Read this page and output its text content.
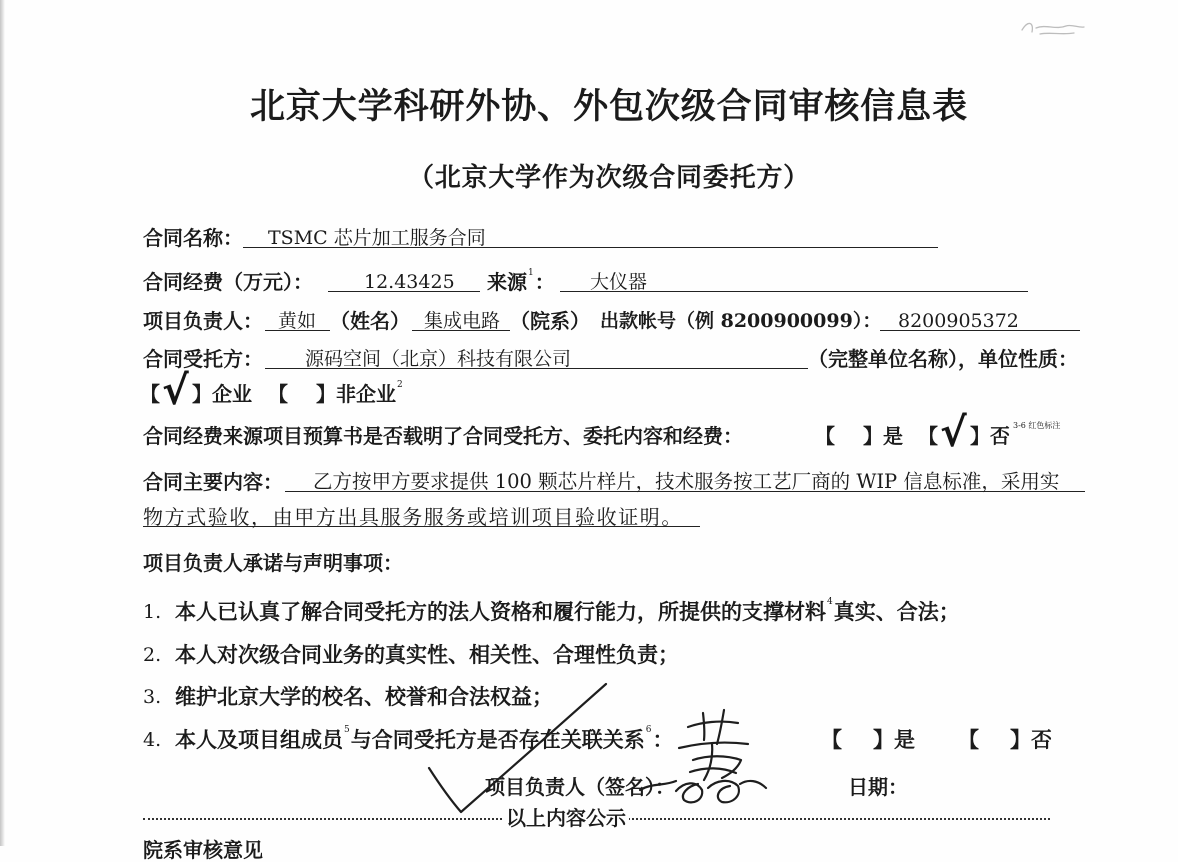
北京大学科研外协、外包次级合同审核信息表
（北京大学作为次级合同委托方）
合同名称：	TSMC 芯片加工服务合同
合同经费（万元）：	12.43425	来源$^1$：	大仪器
项目负责人： 黄如 （姓名） 集成电路 （院系） 出款帐号（例 8200900099）： 8200905372
合同受托方：	源码空间（北京）科技有限公司	（完整单位名称），单位性质：
【 √ 】企业 【 】非企业$^2$
合同经费来源项目预算书是否载明了合同受托方、委托内容和经费：	【 】是 【 √ 】否 $^{3-6 红色标注}$
合同主要内容：	乙方按甲方要求提供 100 颗芯片样片，技术服务按工艺厂商的 WIP 信息标准，采用实
物方式验收，由甲方出具服务服务或培训项目验收证明。
项目负责人承诺与声明事项：
1. 本人已认真了解合同受托方的法人资格和履行能力，所提供的支撑材料$^4$真实、合法；
2. 本人对次级合同业务的真实性、相关性、合理性负责；
3. 维护北京大学的校名、校誉和合法权益；
4. 本人及项目组成员$^5$与合同受托方是否存在关联关系$^6$：	【 】是 【 】否
项目负责人（签名）：	日期：
以上内容公示
院系审核意见
